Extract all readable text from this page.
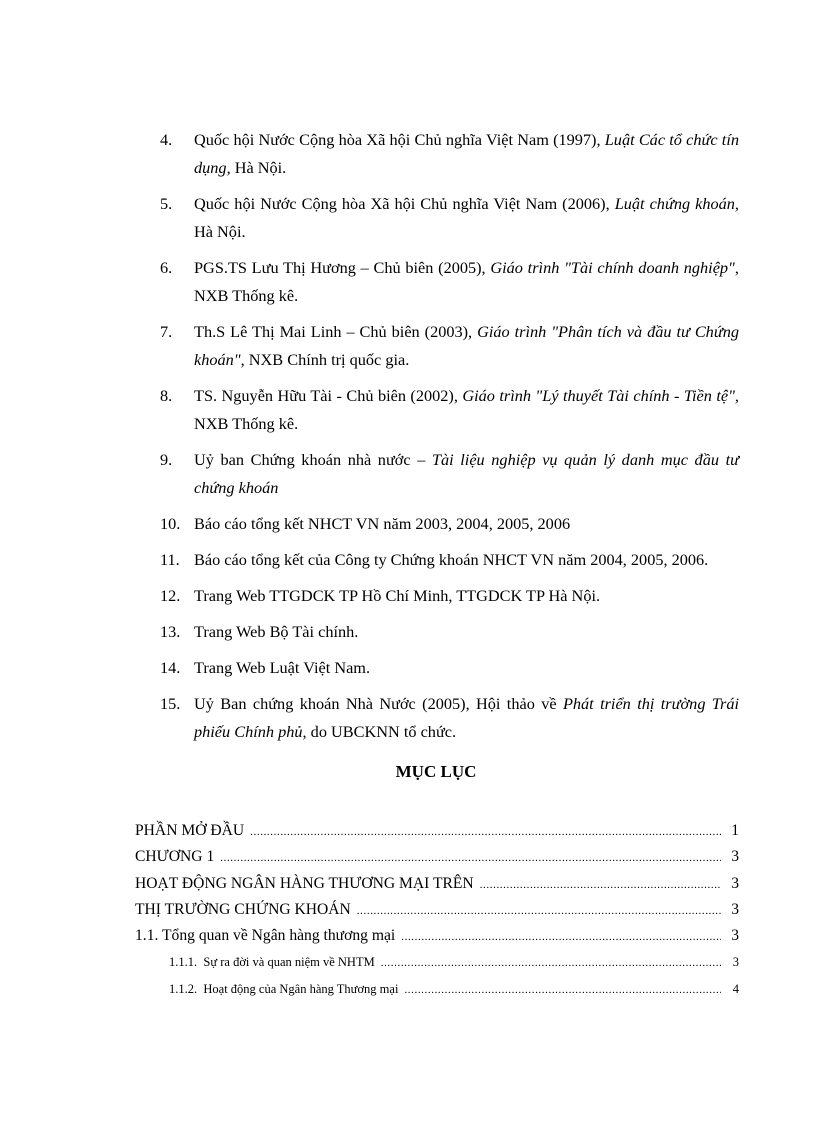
4. Quốc hội Nước Cộng hòa Xã hội Chủ nghĩa Việt Nam (1997), Luật Các tổ chức tín dụng, Hà Nội.
5. Quốc hội Nước Cộng hòa Xã hội Chủ nghĩa Việt Nam (2006), Luật chứng khoán, Hà Nội.
6. PGS.TS Lưu Thị Hương – Chủ biên (2005), Giáo trình "Tài chính doanh nghiệp", NXB Thống kê.
7. Th.S Lê Thị Mai Linh – Chủ biên (2003), Giáo trình "Phân tích và đầu tư Chứng khoán", NXB Chính trị quốc gia.
8. TS. Nguyễn Hữu Tài - Chủ biên (2002), Giáo trình "Lý thuyết Tài chính - Tiền tệ", NXB Thống kê.
9. Uỷ ban Chứng khoán nhà nước – Tài liệu nghiệp vụ quản lý danh mục đầu tư chứng khoán
10. Báo cáo tổng kết NHCT VN năm 2003, 2004, 2005, 2006
11. Báo cáo tổng kết của Công ty Chứng khoán NHCT VN năm 2004, 2005, 2006.
12. Trang Web TTGDCK TP Hồ Chí Minh, TTGDCK TP Hà Nội.
13. Trang Web Bộ Tài chính.
14. Trang Web Luật Việt Nam.
15. Uỷ Ban chứng khoán Nhà Nước (2005), Hội thảo về Phát triển thị trường Trái phiếu Chính phủ, do UBCKNN tổ chức.
MỤC LỤC
PHẦN MỞ ĐẦU .....	1
CHƯƠNG 1 .....	3
HOẠT ĐỘNG NGÂN HÀNG THƯƠNG MẠI TRÊN .....	3
THỊ TRƯỜNG CHỨNG KHOÁN .....	3
1.1. Tổng quan về Ngân hàng thương mại .....	3
1.1.1.  Sự ra đời và quan niệm về NHTM .....	3
1.1.2.  Hoạt động của Ngân hàng Thương mại .....	4
